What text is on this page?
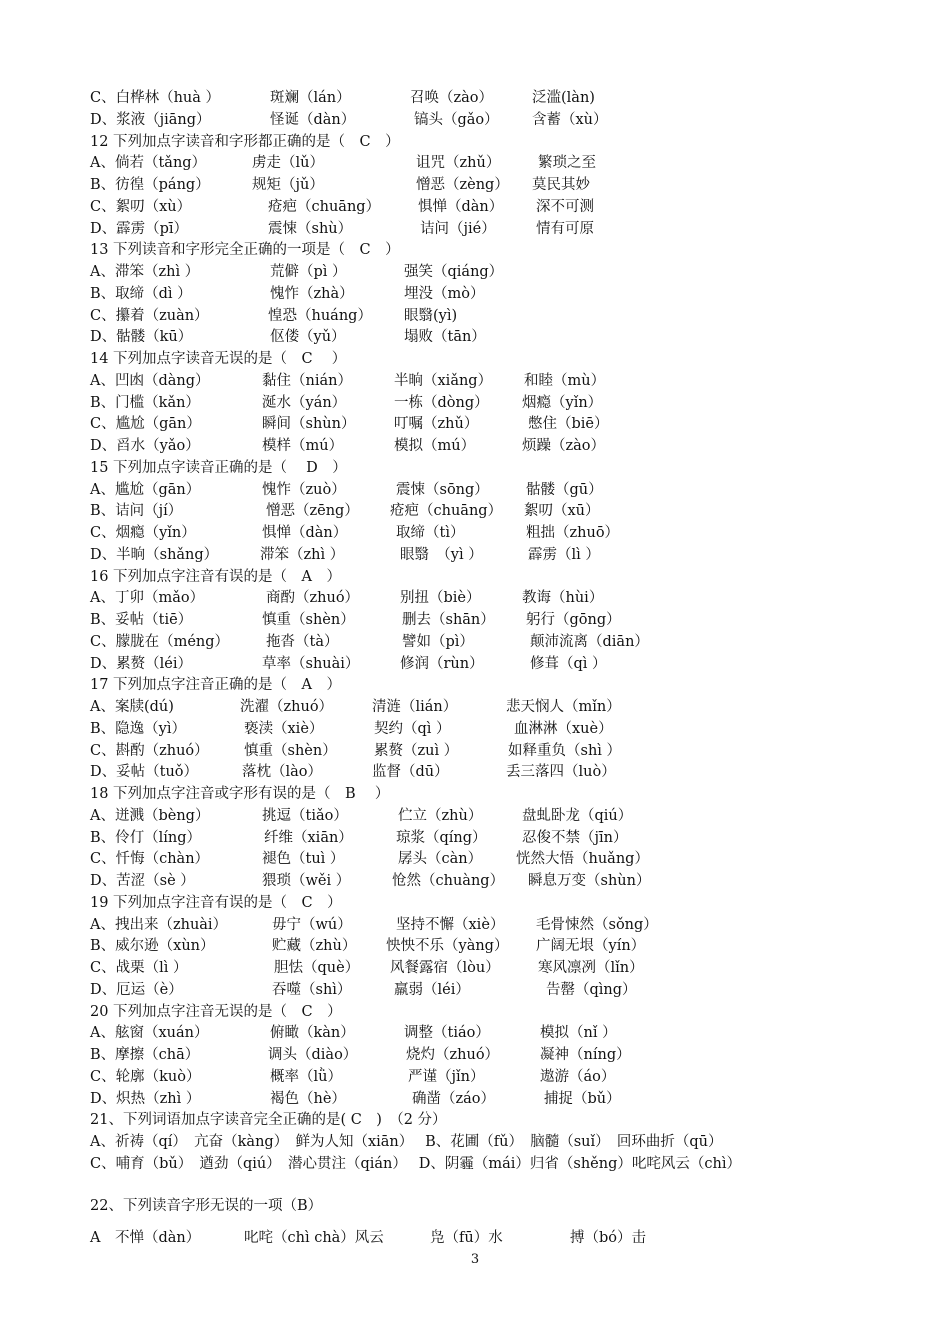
C、白桦林（huà ）	斑斓（lán）	召唤（zào）	泛滥(làn)
D、浆液（jiāng）	怪诞（dàn）	镐头（gǎo） 含蓄（xù）
12 下列加点字读音和字形都正确的是（　C　）
A、倘若（tǎng）	虏走（lǔ）	诅咒（zhǔ）	繁琐之至
B、彷徨（páng）	规矩（jǔ）	憎恶（zèng） 莫民其妙
C、絮叨（xù）	疮疤（chuāng）	惧惮（dàn） 深不可测
D、霹雳（pī）	震悚（shù）	诘问（jié）	情有可原
13 下列读音和字形完全正确的一项是（　C　）
A、滞笨（zhì ）	荒僻（pì ）	强笑（qiáng）
B、取缔（dì ）	愧怍（zhà）	埋没（mò）
C、攥着（zuàn）	惶恐（huáng） 眼翳(yì)
D、骷髅（kū）	伛偻（yǔ）	塌败（tān）
14 下列加点字读音无误的是（　C　 ）
A、凹凼（dàng）	黏住（nián）	半晌（xiǎng） 和睦（mù）
B、门槛（kǎn）	涎水（yán）	一栋（dòng） 烟瘾（yǐn）
C、尴尬（gān）	瞬间（shùn）	叮嘱（zhǔ）	憋住（biē）
D、舀水（yǎo）	模样（mú）	模拟（mú）	烦躁（zào）
15 下列加点字读音正确的是（　 D　）
A、尴尬（gān）	愧怍（zuò）	震悚（sōng）	骷髅（gū）
B、诘问（jí）	憎恶（zēng） 疮疤（chuāng） 絮叨（xū）
C、烟瘾（yǐn）	惧惮（dàn）	取缔（tì）	粗拙（zhuō）
D、半晌（shǎng）	滞笨（zhì ）	眼翳　（yì ）	霹雳（lì ）
16 下列加点字注音有误的是（　A　）
A、丁卯（mǎo）	商酌（zhuó）	别扭（biè）	教诲（hùi）
B、妥帖（tiē）	慎重（shèn）	删去（shān） 躬行（gōng）
C、朦胧在（méng）	拖沓（tà）	譬如（pì）	颠沛流离（diān）
D、累赘（léi）	草率（shuài）	修润（rùn）	修葺（qì ）
17 下列加点字注音正确的是（　A　）
A、案牍(dú)	洗濯（zhuó）	清涟（lián）	悲天悯人（mǐn）
B、隐逸（yì）	亵渎（xiè）	契约（qì ）	血淋淋（xuè）
C、斟酌（zhuó） 慎重（shèn）	累赘（zuì ）	如释重负（shì ）
D、妥帖（tuǒ）	落枕（lào）	监督（dū）	丢三落四（luò）
18 下列加点字注音或字形有误的是（　B　 ）
A、迸溅（bèng）	挑逗（tiǎo）	伫立（zhù）	盘虬卧龙（qiú）
B、伶仃（líng）	纤维（xiān）	琼浆（qíng） 忍俊不禁（jīn）
C、忏悔（chàn）	褪色（tuì ）	孱头（càn） 恍然大悟（huǎng）
D、苦涩（sè ）	猥琐（wěi ）	怆然（chuàng） 瞬息万变（shùn）
19 下列加点字注音有误的是（　C　）
A、拽出来（zhuài）	毋宁（wú）	坚持不懈（xiè） 毛骨悚然（sǒng）
B、威尔逊（xùn）	贮藏（zhù） 怏怏不乐（yàng） 广阔无垠（yín）
C、战栗（lì ）	胆怯（què） 风餐露宿（lòu）	寒风凛冽（lǐn）
D、厄运（è）	吞噬（shì）	羸弱（léi）	告罄（qìng）
20 下列加点字注音无误的是（　C　）
A、舷窗（xuán）	俯瞰（kàn）	调整（tiáo）	模拟（nǐ ）
B、摩擦（chā）	调头（diào）	烧灼（zhuó）	凝神（níng）
C、轮廓（kuò）	概率（lǜ）	严谨（jǐn）	遨游（áo）
D、炽热（zhì ）	褐色（hè）	确凿（záo）	捕捉（bǔ）
21、下列词语加点字读音完全正确的是( C　)　（2 分）
A、祈祷（qí）　亢奋（kàng）　鲜为人知（xiān）　 B、花圃（fǔ）　脑髓（suǐ）　回环曲折（qū）
C、哺育（bǔ）　遒劲（qiú）　潜心贯注（qián）　 D、阴霾（mái）归省（shěng）叱咤风云（chì）
22、下列读音字形无误的一项（B）
A　不惮（dàn）	叱咤（chì chà）风云	凫（fū）水	搏（bó）击
3
